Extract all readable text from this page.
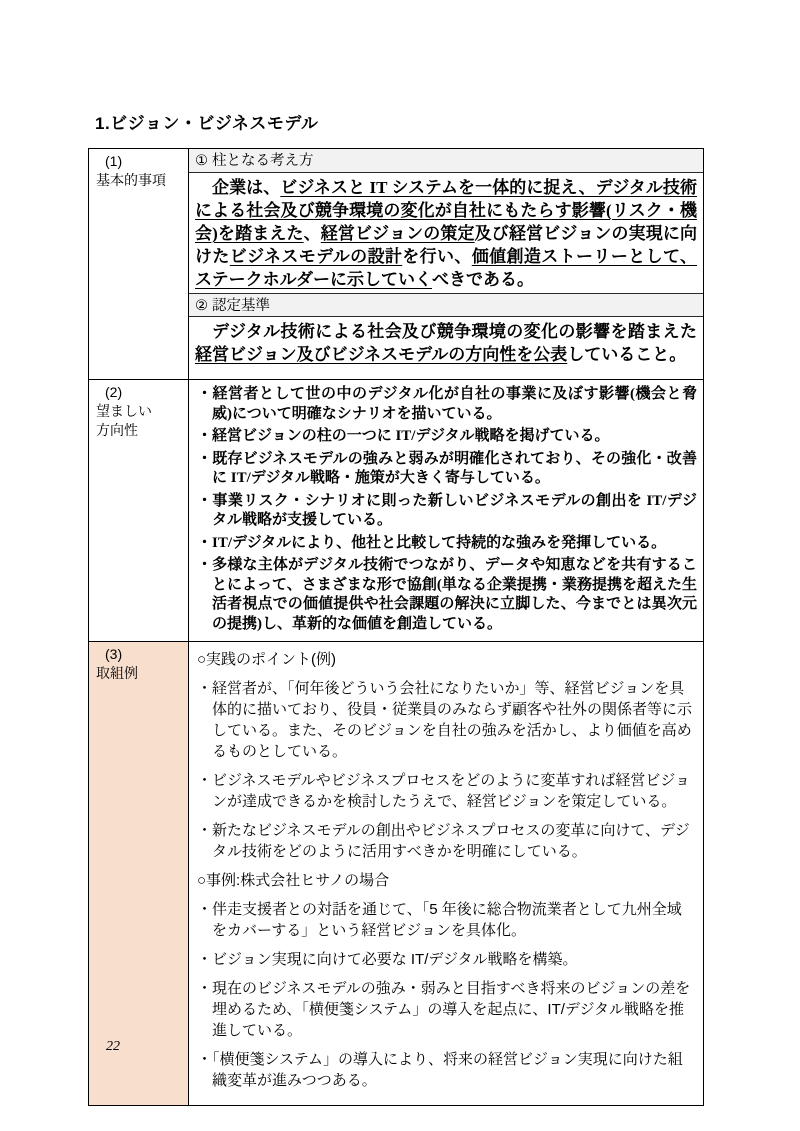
1.ビジョン・ビジネスモデル
(1)
基本的事項
① 柱となる考え方

企業は、ビジネスと IT システムを一体的に捉え、デジタル技術による社会及び競争環境の変化が自社にもたらす影響(リスク・機会)を踏まえた、経営ビジョンの策定及び経営ビジョンの実現に向けたビジネスモデルの設計を行い、価値創造ストーリーとして、ステークホルダーに示していくべきである。

② 認定基準

デジタル技術による社会及び競争環境の変化の影響を踏まえた経営ビジョン及びビジネスモデルの方向性を公表していること。

(2)
望ましい
方向性
・経営者として世の中のデジタル化が自社の事業に及ぼす影響(機会と脅威)について明確なシナリオを描いている。
・経営ビジョンの柱の一つに IT/デジタル戦略を掲げている。
・既存ビジネスモデルの強みと弱みが明確化されており、その強化・改善に IT/デジタル戦略・施策が大きく寄与している。
・事業リスク・シナリオに則った新しいビジネスモデルの創出を IT/デジタル戦略が支援している。
・IT/デジタルにより、他社と比較して持続的な強みを発揮している。
・多様な主体がデジタル技術でつながり、データや知恵などを共有することによって、さまざまな形で協創(単なる企業提携・業務提携を超えた生活者視点での価値提供や社会課題の解決に立脚した、今までとは異次元の提携)し、革新的な価値を創造している。
(3)
取組例
○実践のポイント(例)
・経営者が、「何年後どういう会社になりたいか」等、経営ビジョンを具体的に描いており、役員・従業員のみならず顧客や社外の関係者等に示している。また、そのビジョンを自社の強みを活かし、より価値を高めるものとしている。
・ビジネスモデルやビジネスプロセスをどのように変革すれば経営ビジョンが達成できるかを検討したうえで、経営ビジョンを策定している。
・新たなビジネスモデルの創出やビジネスプロセスの変革に向けて、デジタル技術をどのように活用すべきかを明確にしている。
○事例:株式会社ヒサノの場合
・伴走支援者との対話を通じて、「5 年後に総合物流業者として九州全域をカバーする」という経営ビジョンを具体化。
・ビジョン実現に向けて必要な IT/デジタル戦略を構築。
・現在のビジネスモデルの強み・弱みと目指すべき将来のビジョンの差を埋めるため、「横便箋システム」の導入を起点に、IT/デジタル戦略を推進している。
・「横便箋システム」の導入により、将来の経営ビジョン実現に向けた組織変革が進みつつある。
22
